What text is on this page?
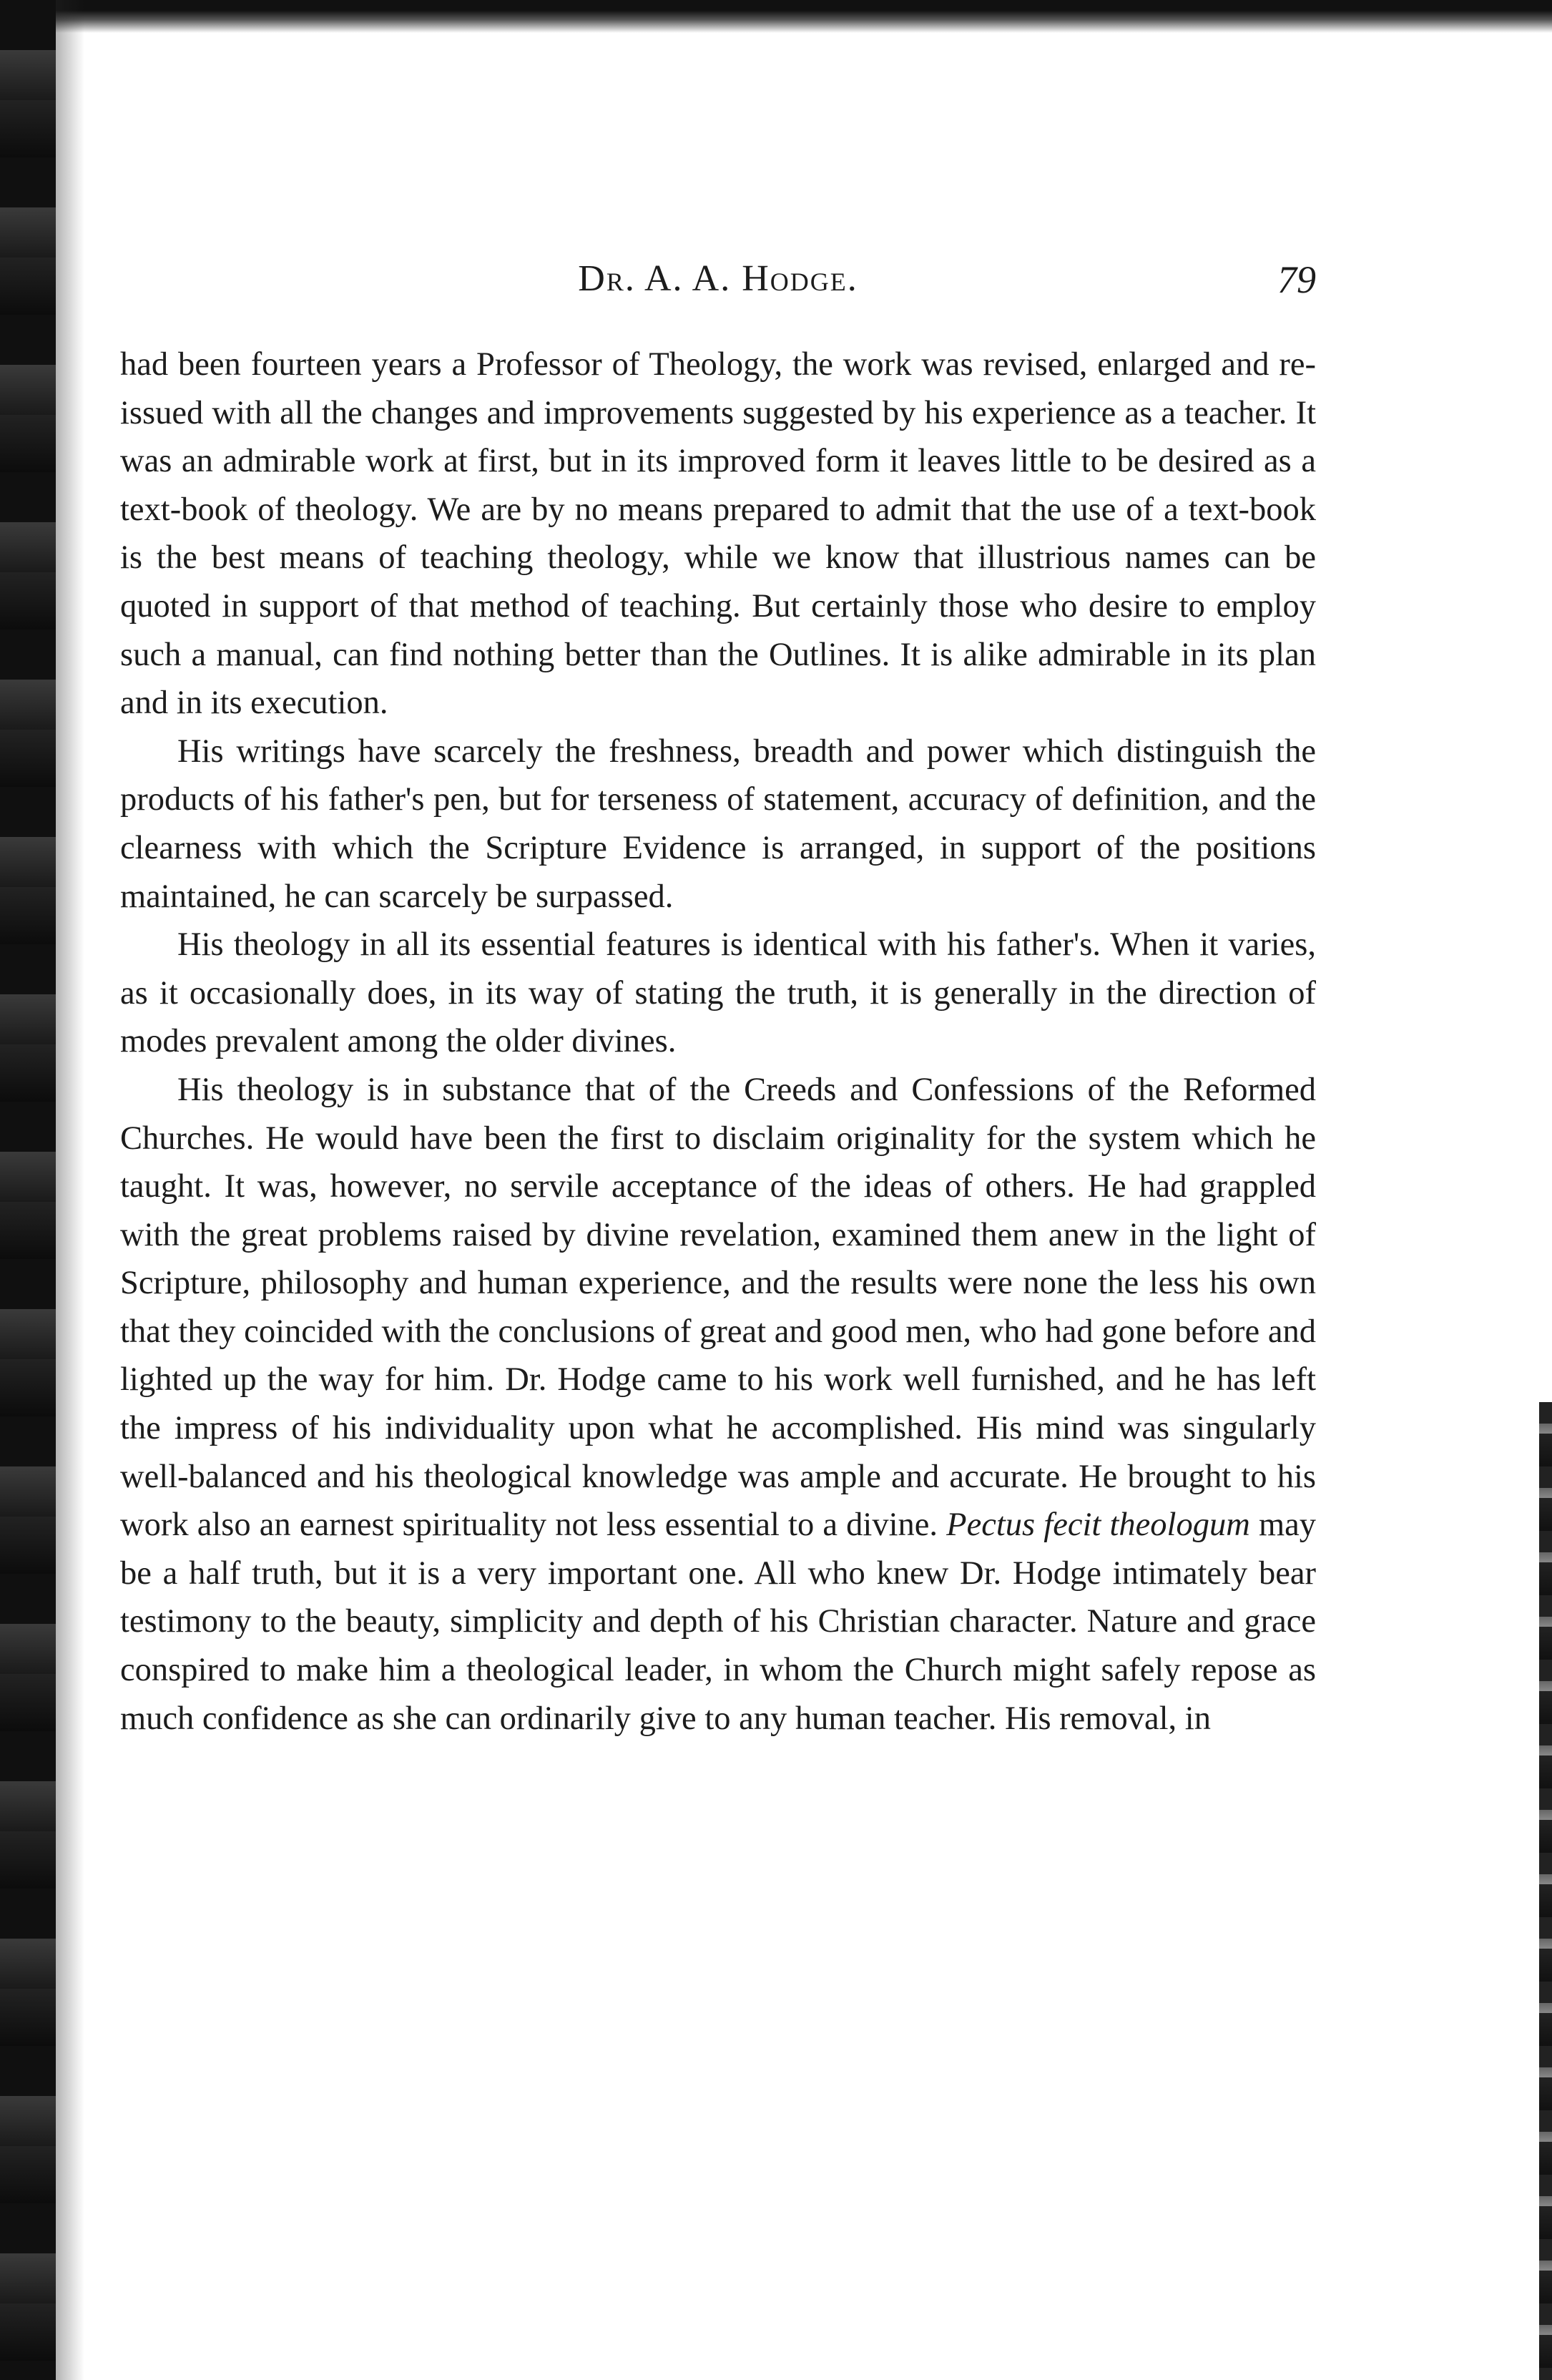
Dr. A. A. Hodge.	79

had been fourteen years a Professor of Theology, the work was revised, enlarged and re-issued with all the changes and improvements suggested by his experience as a teacher. It was an admirable work at first, but in its improved form it leaves little to be desired as a text-book of theology. We are by no means prepared to admit that the use of a text-book is the best means of teaching theology, while we know that illustrious names can be quoted in support of that method of teaching. But certainly those who desire to employ such a manual, can find nothing better than the Outlines. It is alike admirable in its plan and in its execution.

His writings have scarcely the freshness, breadth and power which distinguish the products of his father's pen, but for terseness of statement, accuracy of definition, and the clearness with which the Scripture Evidence is arranged, in support of the positions maintained, he can scarcely be surpassed.

His theology in all its essential features is identical with his father's. When it varies, as it occasionally does, in its way of stating the truth, it is generally in the direction of modes prevalent among the older divines.

His theology is in substance that of the Creeds and Confessions of the Reformed Churches. He would have been the first to disclaim originality for the system which he taught. It was, however, no servile acceptance of the ideas of others. He had grappled with the great problems raised by divine revelation, examined them anew in the light of Scripture, philosophy and human experience, and the results were none the less his own that they coincided with the conclusions of great and good men, who had gone before and lighted up the way for him. Dr. Hodge came to his work well furnished, and he has left the impress of his individuality upon what he accomplished. His mind was singularly well-balanced and his theological knowledge was ample and accurate. He brought to his work also an earnest spirituality not less essential to a divine. Pectus fecit theologum may be a half truth, but it is a very important one. All who knew Dr. Hodge intimately bear testimony to the beauty, simplicity and depth of his Christian character. Nature and grace conspired to make him a theological leader, in whom the Church might safely repose as much confidence as she can ordinarily give to any human teacher. His removal, in
